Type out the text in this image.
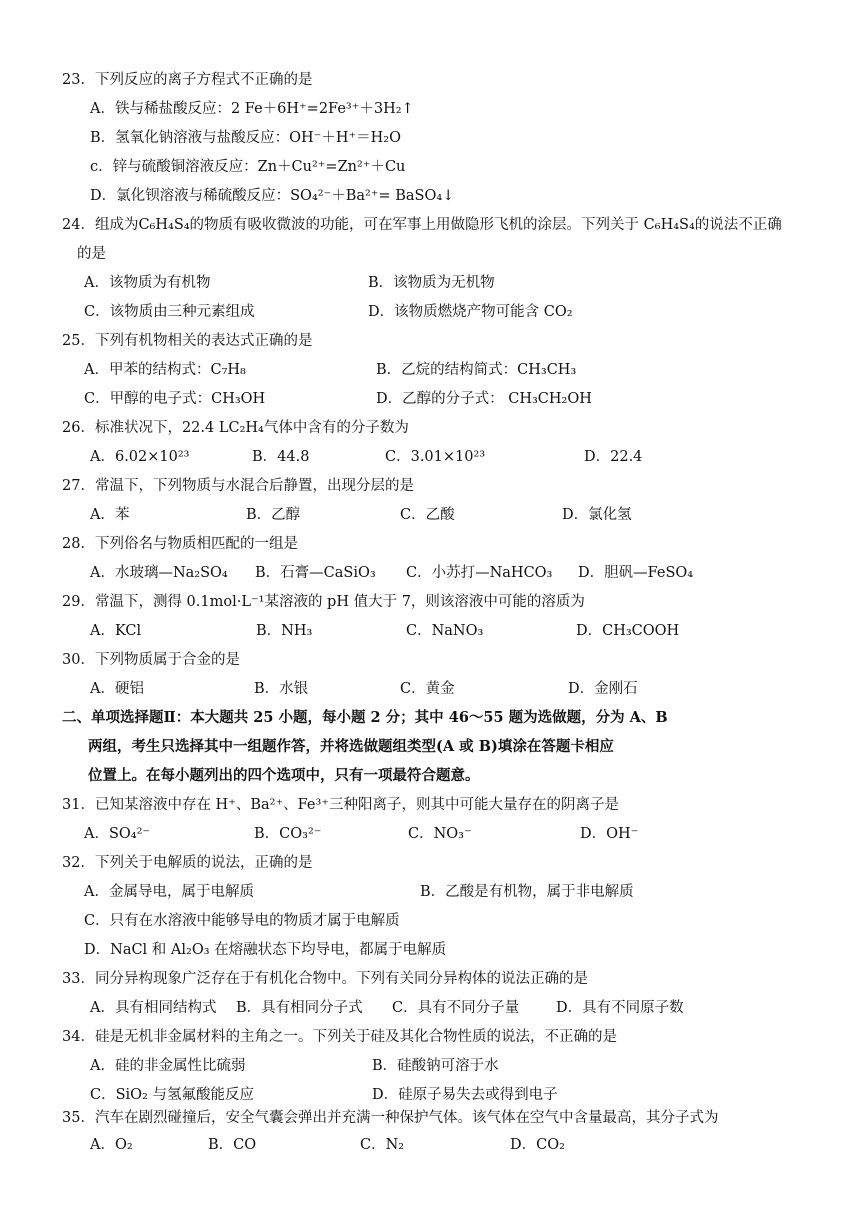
23．下列反应的离子方程式不正确的是
A．铁与稀盐酸反应：2 Fe＋6H⁺=2Fe³⁺＋3H₂↑
B．氢氧化钠溶液与盐酸反应：OH⁻＋H⁺＝H₂O
c．锌与硫酸铜溶液反应：Zn＋Cu²⁺=Zn²⁺＋Cu
D．氯化钡溶液与稀硫酸反应：SO₄²⁻＋Ba²⁺= BaSO₄↓
24．组成为C₆H₄S₄的物质有吸收微波的功能，可在军事上用做隐形飞机的涂层。下列关于 C₆H₄S₄的说法不正确
的是
A．该物质为有机物	B．该物质为无机物
C．该物质由三种元素组成	D．该物质燃烧产物可能含 CO₂
25．下列有机物相关的表达式正确的是
A．甲苯的结构式：C₇H₈	B．乙烷的结构简式：CH₃CH₃
C．甲醇的电子式：CH₃OH	D．乙醇的分子式： CH₃CH₂OH
26．标准状况下，22.4 LC₂H₄气体中含有的分子数为
A．6.02×10²³	B．44.8	C．3.01×10²³	D．22.4
27．常温下，下列物质与水混合后静置，出现分层的是
A．苯	B．乙醇	C．乙酸	D．氯化氢
28．下列俗名与物质相匹配的一组是
A．水玻璃—Na₂SO₄ B．石膏—CaSiO₃ C．小苏打—NaHCO₃ D．胆矾—FeSO₄
29．常温下，测得 0.1mol·L⁻¹某溶液的 pH 值大于 7，则该溶液中可能的溶质为
A．KCl	B．NH₃	C．NaNO₃	D．CH₃COOH
30．下列物质属于合金的是
A．硬铝	B．水银	C．黄金	D．金刚石
二、单项选择题Ⅱ：本大题共 25 小题，每小题 2 分；其中 46～55 题为选做题，分为 A、B
两组，考生只选择其中一组题作答，并将选做题组类型(A 或 B)填涂在答题卡相应
位置上。在每小题列出的四个选项中，只有一项最符合题意。
31．已知某溶液中存在 H⁺、Ba²⁺、Fe³⁺三种阳离子，则其中可能大量存在的阴离子是
A．SO₄²⁻	B．CO₃²⁻	C．NO₃⁻	D．OH⁻
32．下列关于电解质的说法，正确的是
A．金属导电，属于电解质	B．乙酸是有机物，属于非电解质
C．只有在水溶液中能够导电的物质才属于电解质
D．NaCl 和 Al₂O₃ 在熔融状态下均导电，都属于电解质
33．同分异构现象广泛存在于有机化合物中。下列有关同分异构体的说法正确的是
A．具有相同结构式 B．具有相同分子式 C．具有不同分子量	D．具有不同原子数
34．硅是无机非金属材料的主角之一。下列关于硅及其化合物性质的说法，不正确的是
A．硅的非金属性比硫弱	B．硅酸钠可溶于水
C．SiO₂ 与氢氟酸能反应	D．硅原子易失去或得到电子
35．汽车在剧烈碰撞后，安全气囊会弹出并充满一种保护气体。该气体在空气中含量最高，其分子式为
A．O₂	B．CO	C．N₂	D．CO₂
